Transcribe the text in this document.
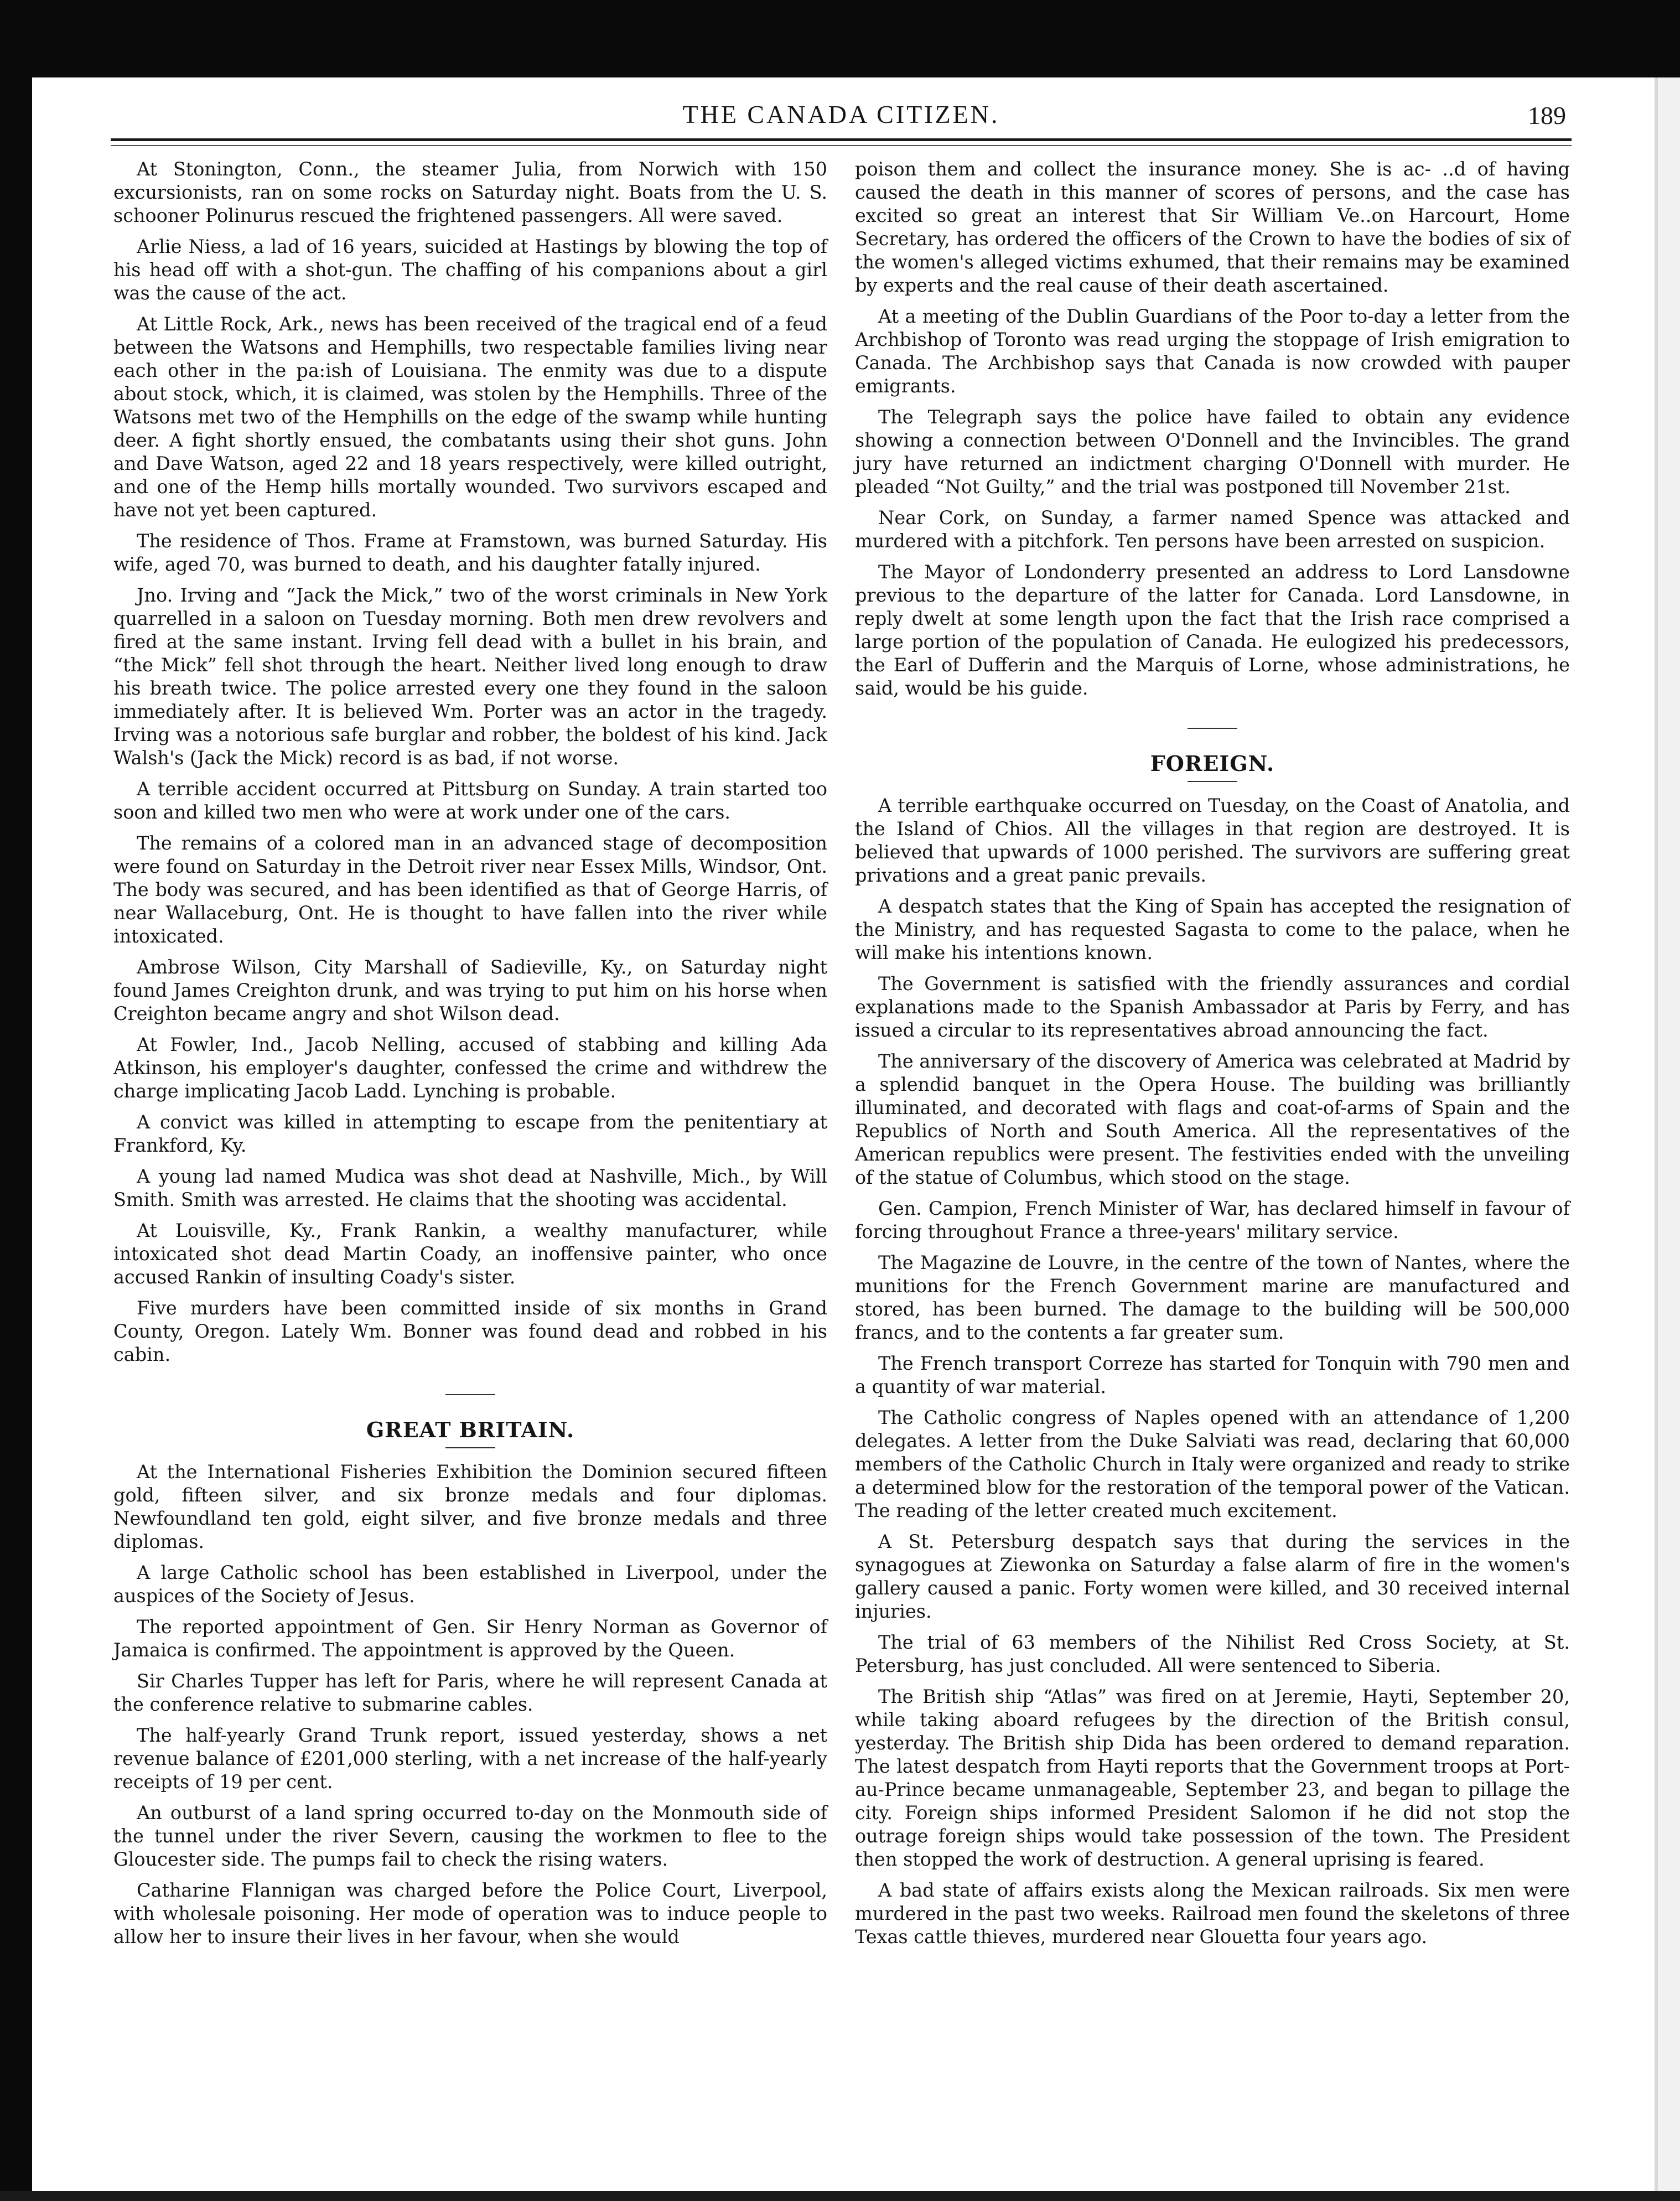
THE CANADA CITIZEN.	189

At Stonington, Conn., the steamer Julia, from Norwich with 150 excursionists, ran on some rocks on Saturday night. Boats from the U. S. schooner Polinurus rescued the frightened passengers. All were saved.

Arlie Niess, a lad of 16 years, suicided at Hastings by blowing the top of his head off with a shot-gun. The chaffing of his companions about a girl was the cause of the act.

At Little Rock, Ark., news has been received of the tragical end of a feud between the Watsons and Hemphills, two respectable families living near each other in the pa:ish of Louisiana. The enmity was due to a dispute about stock, which, it is claimed, was stolen by the Hemphills. Three of the Watsons met two of the Hemphills on the edge of the swamp while hunting deer. A fight shortly ensued, the combatants using their shot guns. John and Dave Watson, aged 22 and 18 years respectively, were killed outright, and one of the Hemp hills mortally wounded. Two survivors escaped and have not yet been captured.

The residence of Thos. Frame at Framstown, was burned Saturday. His wife, aged 70, was burned to death, and his daughter fatally injured.

Jno. Irving and “Jack the Mick,” two of the worst criminals in New York quarrelled in a saloon on Tuesday morning. Both men drew revolvers and fired at the same instant. Irving fell dead with a bullet in his brain, and “the Mick” fell shot through the heart. Neither lived long enough to draw his breath twice. The police arrested every one they found in the saloon immediately after. It is believed Wm. Porter was an actor in the tragedy. Irving was a notorious safe burglar and robber, the boldest of his kind. Jack Walsh's (Jack the Mick) record is as bad, if not worse.

A terrible accident occurred at Pittsburg on Sunday. A train started too soon and killed two men who were at work under one of the cars.

The remains of a colored man in an advanced stage of decomposition were found on Saturday in the Detroit river near Essex Mills, Windsor, Ont. The body was secured, and has been identified as that of George Harris, of near Wallaceburg, Ont. He is thought to have fallen into the river while intoxicated.

Ambrose Wilson, City Marshall of Sadieville, Ky., on Saturday night found James Creighton drunk, and was trying to put him on his horse when Creighton became angry and shot Wilson dead.

At Fowler, Ind., Jacob Nelling, accused of stabbing and killing Ada Atkinson, his employer's daughter, confessed the crime and withdrew the charge implicating Jacob Ladd. Lynching is probable.

A convict was killed in attempting to escape from the penitentiary at Frankford, Ky.

A young lad named Mudica was shot dead at Nashville, Mich., by Will Smith. Smith was arrested. He claims that the shooting was accidental.

At Louisville, Ky., Frank Rankin, a wealthy manufacturer, while intoxicated shot dead Martin Coady, an inoffensive painter, who once accused Rankin of insulting Coady's sister.

Five murders have been committed inside of six months in Grand County, Oregon. Lately Wm. Bonner was found dead and robbed in his cabin.

GREAT BRITAIN.

At the International Fisheries Exhibition the Dominion secured fifteen gold, fifteen silver, and six bronze medals and four diplomas. Newfoundland ten gold, eight silver, and five bronze medals and three diplomas.

A large Catholic school has been established in Liverpool, under the auspices of the Society of Jesus.

The reported appointment of Gen. Sir Henry Norman as Governor of Jamaica is confirmed. The appointment is approved by the Queen.

Sir Charles Tupper has left for Paris, where he will represent Canada at the conference relative to submarine cables.

The half-yearly Grand Trunk report, issued yesterday, shows a net revenue balance of £201,000 sterling, with a net increase of the half-yearly receipts of 19 per cent.

An outburst of a land spring occurred to-day on the Monmouth side of the tunnel under the river Severn, causing the workmen to flee to the Gloucester side. The pumps fail to check the rising waters.

Catharine Flannigan was charged before the Police Court, Liverpool, with wholesale poisoning. Her mode of operation was to induce people to allow her to insure their lives in her favour, when she would

poison them and collect the insurance money. She is ac- ..d of having caused the death in this manner of scores of persons, and the case has excited so great an interest that Sir William Ve..on Harcourt, Home Secretary, has ordered the officers of the Crown to have the bodies of six of the women's alleged victims exhumed, that their remains may be examined by experts and the real cause of their death ascertained.

At a meeting of the Dublin Guardians of the Poor to-day a letter from the Archbishop of Toronto was read urging the stoppage of Irish emigration to Canada. The Archbishop says that Canada is now crowded with pauper emigrants.

The Telegraph says the police have failed to obtain any evidence showing a connection between O'Donnell and the Invincibles. The grand jury have returned an indictment charging O'Donnell with murder. He pleaded “Not Guilty,” and the trial was postponed till November 21st.

Near Cork, on Sunday, a farmer named Spence was attacked and murdered with a pitchfork. Ten persons have been arrested on suspicion.

The Mayor of Londonderry presented an address to Lord Lansdowne previous to the departure of the latter for Canada. Lord Lansdowne, in reply dwelt at some length upon the fact that the Irish race comprised a large portion of the population of Canada. He eulogized his predecessors, the Earl of Dufferin and the Marquis of Lorne, whose administrations, he said, would be his guide.

FOREIGN.

A terrible earthquake occurred on Tuesday, on the Coast of Anatolia, and the Island of Chios. All the villages in that region are destroyed. It is believed that upwards of 1000 perished. The survivors are suffering great privations and a great panic prevails.

A despatch states that the King of Spain has accepted the resignation of the Ministry, and has requested Sagasta to come to the palace, when he will make his intentions known.

The Government is satisfied with the friendly assurances and cordial explanations made to the Spanish Ambassador at Paris by Ferry, and has issued a circular to its representatives abroad announcing the fact.

The anniversary of the discovery of America was celebrated at Madrid by a splendid banquet in the Opera House. The building was brilliantly illuminated, and decorated with flags and coat-of-arms of Spain and the Republics of North and South America. All the representatives of the American republics were present. The festivities ended with the unveiling of the statue of Columbus, which stood on the stage.

Gen. Campion, French Minister of War, has declared himself in favour of forcing throughout France a three-years' military service.

The Magazine de Louvre, in the centre of the town of Nantes, where the munitions for the French Government marine are manufactured and stored, has been burned. The damage to the building will be 500,000 francs, and to the contents a far greater sum.

The French transport Correze has started for Tonquin with 790 men and a quantity of war material.

The Catholic congress of Naples opened with an attendance of 1,200 delegates. A letter from the Duke Salviati was read, declaring that 60,000 members of the Catholic Church in Italy were organized and ready to strike a determined blow for the restoration of the temporal power of the Vatican. The reading of the letter created much excitement.

A St. Petersburg despatch says that during the services in the synagogues at Ziewonka on Saturday a false alarm of fire in the women's gallery caused a panic. Forty women were killed, and 30 received internal injuries.

The trial of 63 members of the Nihilist Red Cross Society, at St. Petersburg, has just concluded. All were sentenced to Siberia.

The British ship “Atlas” was fired on at Jeremie, Hayti, September 20, while taking aboard refugees by the direction of the British consul, yesterday. The British ship Dida has been ordered to demand reparation. The latest despatch from Hayti reports that the Government troops at Port-au-Prince became unmanageable, September 23, and began to pillage the city. Foreign ships informed President Salomon if he did not stop the outrage foreign ships would take possession of the town. The President then stopped the work of destruction. A general uprising is feared.

A bad state of affairs exists along the Mexican railroads. Six men were murdered in the past two weeks. Railroad men found the skeletons of three Texas cattle thieves, murdered near Glouetta four years ago.
